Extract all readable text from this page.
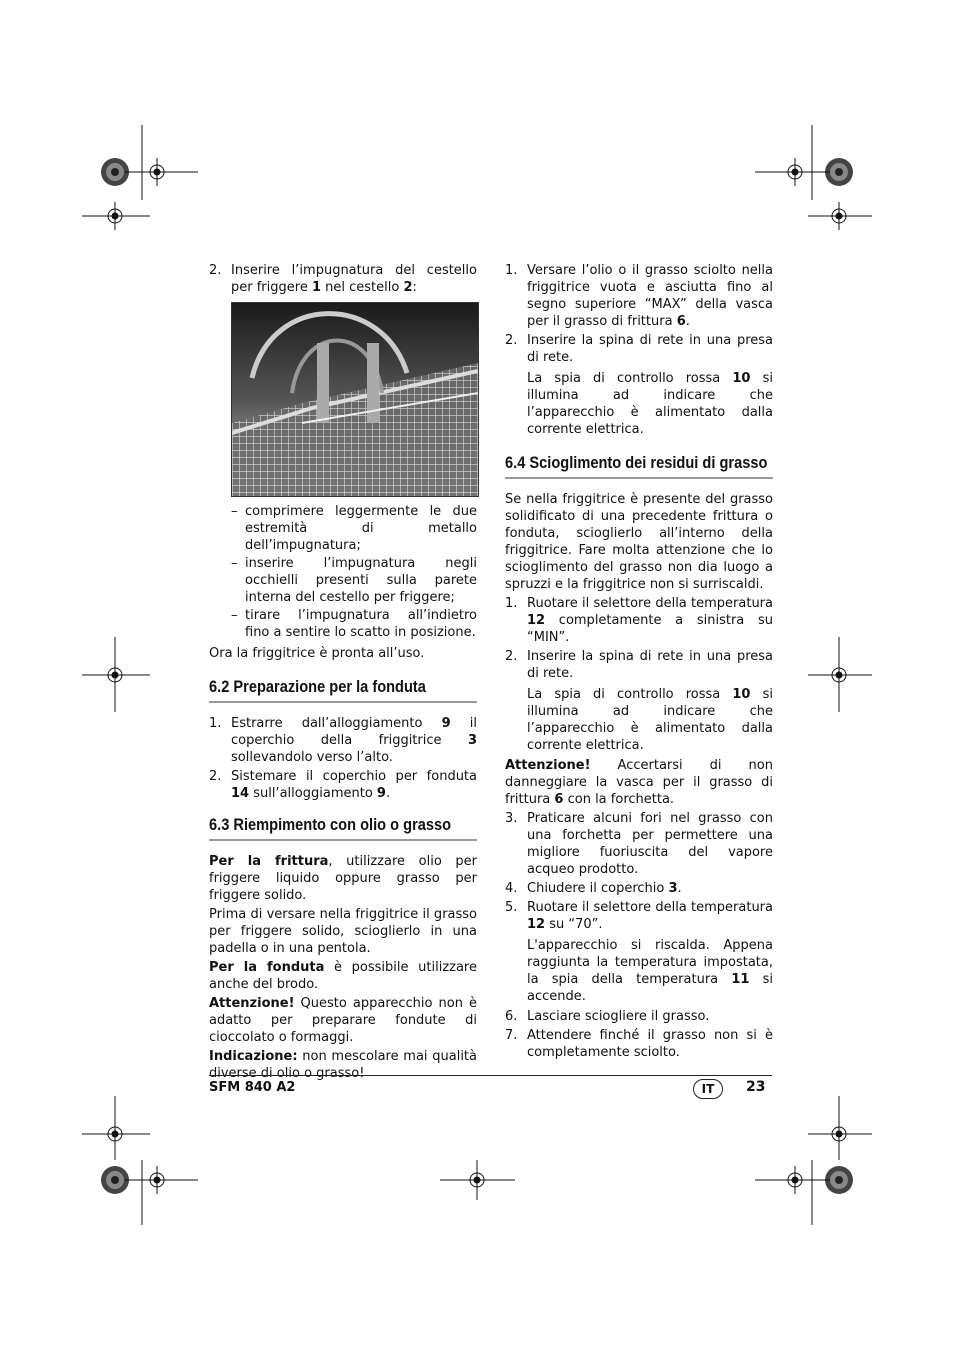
2. Inserire l’impugnatura del cestello per friggere 1 nel cestello 2:
– comprimere leggermente le due estremità di metallo dell’impugnatura;
– inserire l’impugnatura negli occhielli presenti sulla parete interna del cestello per friggere;
– tirare l’impugnatura all’indietro fino a sentire lo scatto in posizione.

Ora la friggitrice è pronta all’uso.

6.2 Preparazione per la fonduta
1. Estrarre dall’alloggiamento 9 il coperchio della friggitrice 3 sollevandolo verso l’alto.
2. Sistemare il coperchio per fonduta 14 sull’alloggiamento 9.
6.3 Riempimento con olio o grasso

Per la frittura, utilizzare olio per friggere liquido oppure grasso per friggere solido.

Prima di versare nella friggitrice il grasso per friggere solido, scioglierlo in una padella o in una pentola.

Per la fonduta è possibile utilizzare anche del brodo.

Attenzione! Questo apparecchio non è adatto per preparare fondute di cioccolato o formaggi.

Indicazione: non mescolare mai qualità diverse di olio o grasso!

1. Versare l’olio o il grasso sciolto nella friggitrice vuota e asciutta fino al segno superiore “MAX” della vasca per il grasso di frittura 6.
2. Inserire la spina di rete in una presa di rete.

La spia di controllo rossa 10 si illumina ad indicare che l’apparecchio è alimentato dalla corrente elettrica.

6.4 Scioglimento dei residui di grasso

Se nella friggitrice è presente del grasso solidificato di una precedente frittura o fonduta, scioglierlo all’interno della friggitrice. Fare molta attenzione che lo scioglimento del grasso non dia luogo a spruzzi e la friggitrice non si surriscaldi.

1. Ruotare il selettore della temperatura 12 completamente a sinistra su “MIN”.
2. Inserire la spina di rete in una presa di rete.

La spia di controllo rossa 10 si illumina ad indicare che l’apparecchio è alimentato dalla corrente elettrica.

Attenzione! Accertarsi di non danneggiare la vasca per il grasso di frittura 6 con la forchetta.

3. Praticare alcuni fori nel grasso con una forchetta per permettere una migliore fuoriuscita del vapore acqueo prodotto.
4. Chiudere il coperchio 3.
5. Ruotare il selettore della temperatura 12 su “70”.

L'apparecchio si riscalda. Appena raggiunta la temperatura impostata, la spia della temperatura 11 si accende.

6. Lasciare sciogliere il grasso.
7. Attendere finché il grasso non si è completamente sciolto.
SFM 840 A2	IT	23
